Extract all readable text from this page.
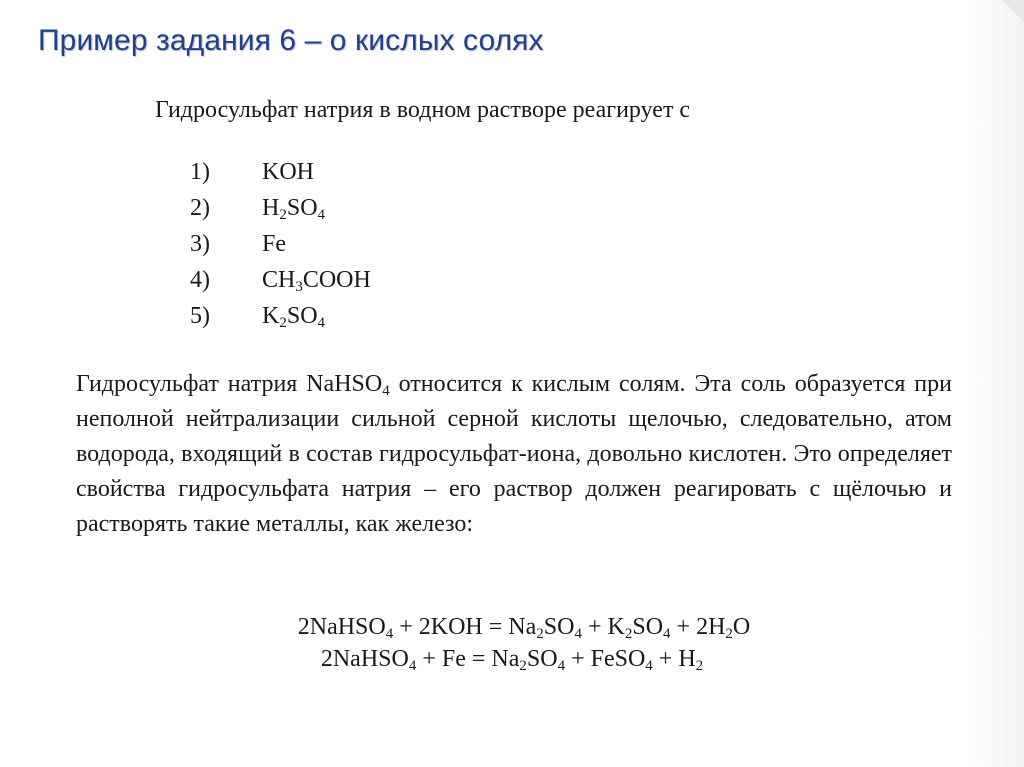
Пример задания 6 – о кислых солях
Гидросульфат натрия в водном растворе реагирует с
1)	KOH
2)	$H_2SO_4$
3)	Fe
4)	$CH_3COOH$
5)	$K_2SO_4$

Гидросульфат натрия NaHSO$_4$ относится к кислым солям. Эта соль образуется при неполной нейтрализации сильной серной кислоты щелочью, следовательно, атом водорода, входящий в состав гидросульфат-иона, довольно кислотен. Это определяет свойства гидросульфата натрия – его раствор должен реагировать с щёлочью и растворять такие металлы, как железо:

2NaHSO$_4$ + $2KOH = Na_2SO_4 + K_2SO_4 + 2H_2O$
2NaHSO$_4$ + $Fe = Na_2SO_4$ + FeSO$_4$ + $H_2$
